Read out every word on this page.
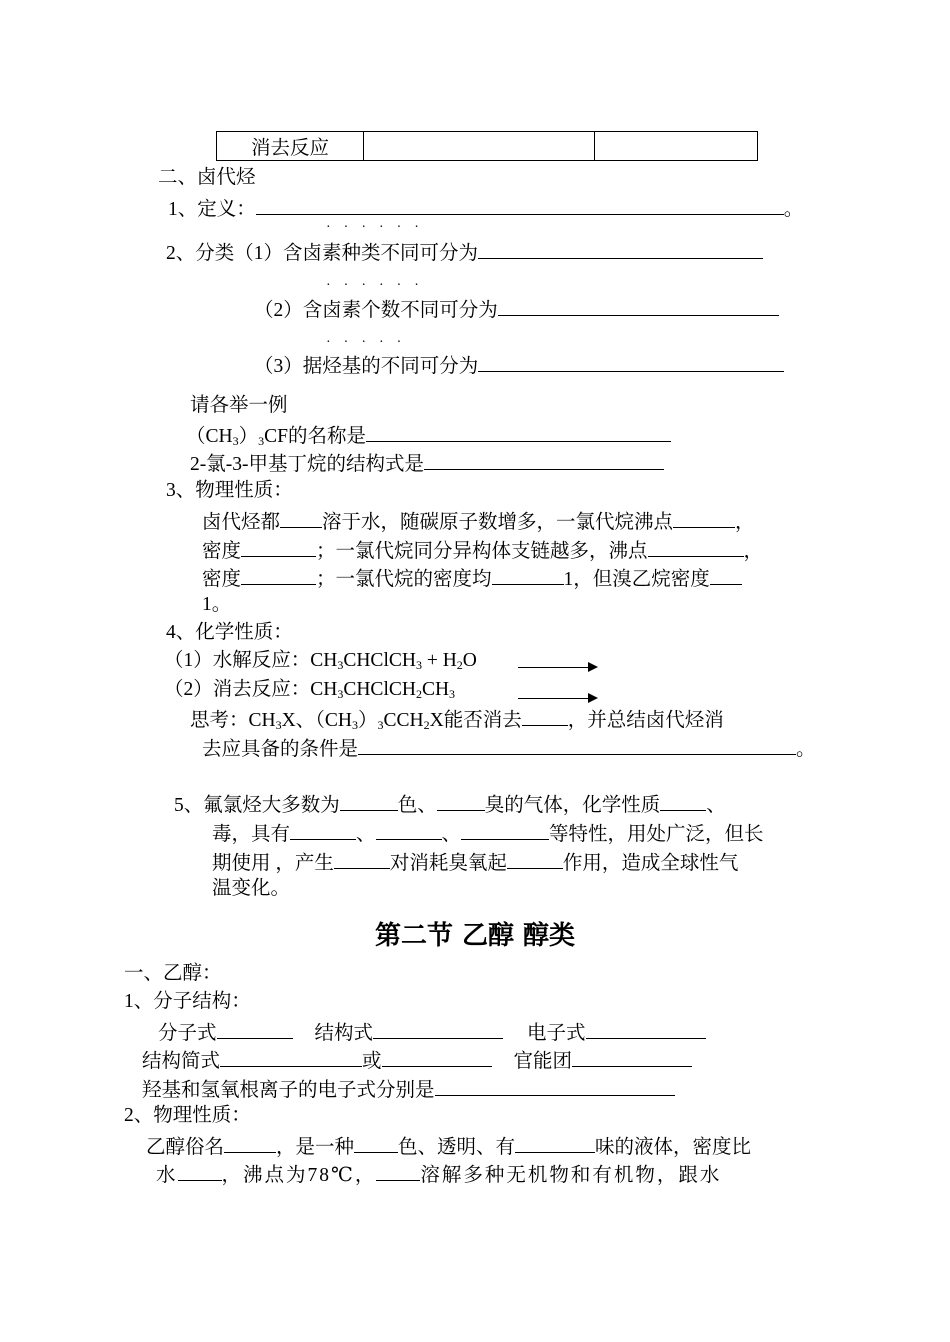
消去反应		
二、卤代烃
1、定义：	。
······
2、分类（1）含卤素种类不同可分为
······
（2）含卤素个数不同可分为
·····
（3）据烃基的不同可分为
请各举一例
$(CH_3)_3CF$的名称是
2-氯-3-甲基丁烷的结构式是
3、物理性质：
卤代烃都 溶于水，随碳原子数增多，一氯代烷沸点	，
密度	；一氯代烷同分异构体支链越多，沸点	，
密度	；一氯代烷的密度均	1，但溴乙烷密度
1。
4、化学性质：
（1）水解反应：$CH_3CHClCH_3 + H_2O$
（2）消去反应：$CH_3CHClCH_2CH_3$
思考：$CH_3X$、$(CH_3)_3CCH_2X$能否消去 ，并总结卤代烃消
去应具备的条件是	。
5、氟氯烃大多数为	色、 臭的气体，化学性质 、
毒，具有	、	、	等特性，用处广泛，但长
期使用 ，产生	对消耗臭氧起	作用，造成全球性气
温变化。
第二节 乙醇 醇类
一、乙醇：
1、分子结构：
分子式	结构式	电子式
结构简式	或	官能团
羟基和氢氧根离子的电子式分别是
2、物理性质：
乙醇俗名	，是一种 色、透明、有	味的液体，密度比
水 ，沸点为78℃， 溶解多种无机物和有机物，跟水
